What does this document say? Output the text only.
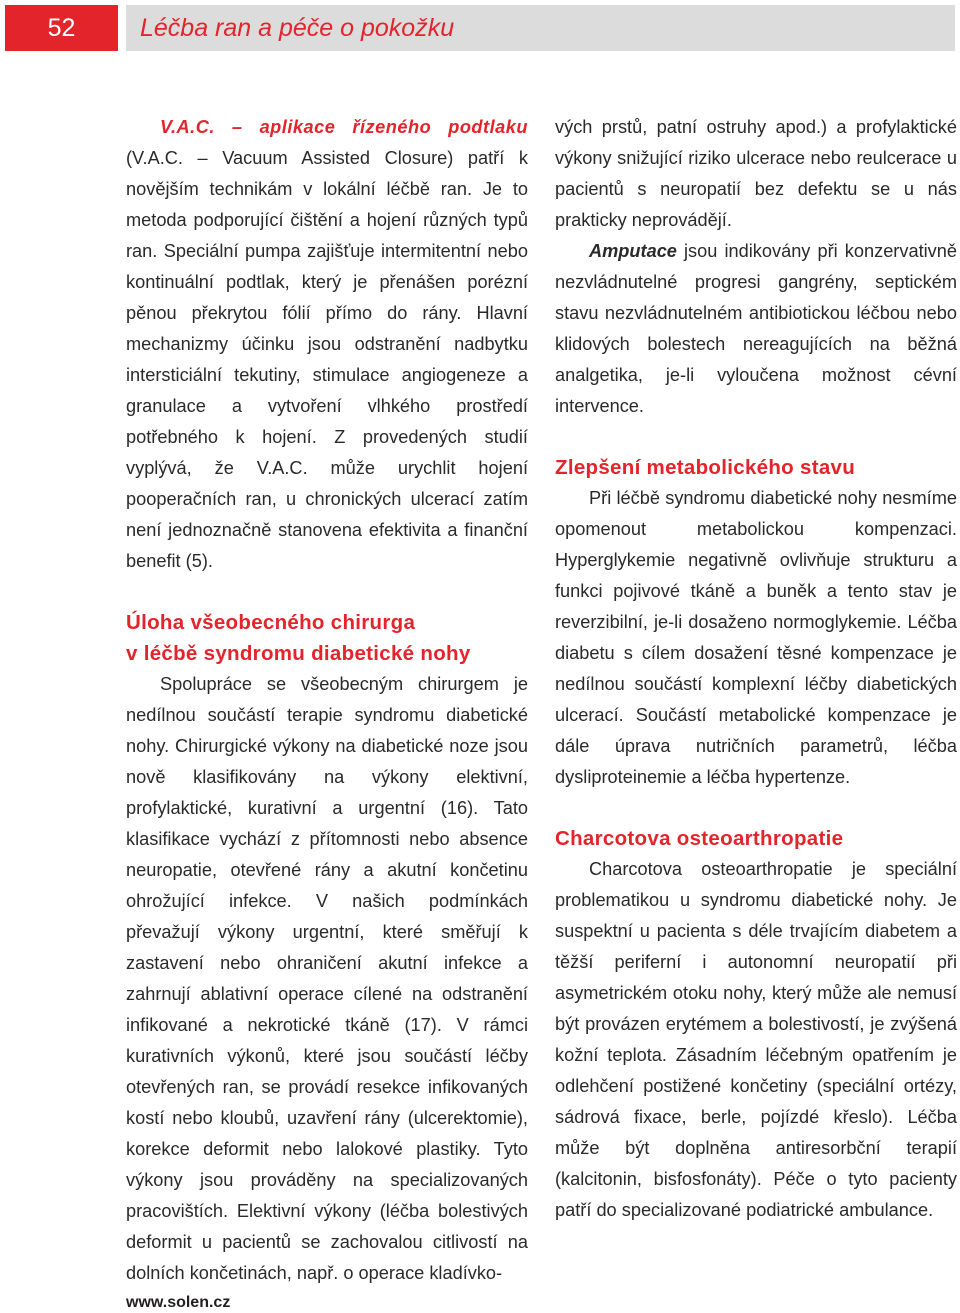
52	Léčba ran a péče o pokožku

V.A.C. – aplikace řízeného podtlaku (V.A.C. – Vacuum Assisted Closure) patří k novějším technikám v lokální léčbě ran. Je to metoda podporující čištění a hojení různých typů ran. Speciální pumpa zajišťuje intermitentní nebo kontinuální podtlak, který je přenášen porézní pěnou překrytou fólií přímo do rány. Hlavní mechanizmy účinku jsou odstranění nadbytku intersticiální tekutiny, stimulace angiogeneze a granulace a vytvoření vlhkého prostředí potřebného k hojení. Z provedených studií vyplývá, že V.A.C. může urychlit hojení pooperačních ran, u chronických ulcerací zatím není jednoznačně stanovena efektivita a finanční benefit (5).

Úloha všeobecného chirurga
v léčbě syndromu diabetické nohy

Spolupráce se všeobecným chirurgem je nedílnou součástí terapie syndromu diabetické nohy. Chirurgické výkony na diabetické noze jsou nově klasifikovány na výkony elektivní, profylaktické, kurativní a urgentní (16). Tato klasifikace vychází z přítomnosti nebo absence neuropatie, otevřené rány a akutní končetinu ohrožující infekce. V našich podmínkách převažují výkony urgentní, které směřují k zastavení nebo ohraničení akutní infekce a zahrnují ablativní operace cílené na odstranění infikované a nekrotické tkáně (17). V rámci kurativních výkonů, které jsou součástí léčby otevřených ran, se provádí resekce infikovaných kostí nebo kloubů, uzavření rány (ulcerektomie), korekce deformit nebo lalokové plastiky. Tyto výkony jsou prováděny na specializovaných pracovištích. Elektivní výkony (léčba bolestivých deformit u pacientů se zachovalou citlivostí na dolních končetinách, např. o operace kladívko-

vých prstů, patní ostruhy apod.) a profylaktické výkony snižující riziko ulcerace nebo reulcerace u pacientů s neuropatií bez defektu se u nás prakticky neprovádějí.

Amputace jsou indikovány při konzervativně nezvládnutelné progresi gangrény, septickém stavu nezvládnutelném antibiotickou léčbou nebo klidových bolestech nereagujících na běžná analgetika, je-li vyloučena možnost cévní intervence.

Zlepšení metabolického stavu

Při léčbě syndromu diabetické nohy nesmíme opomenout metabolickou kompenzaci. Hyperglykemie negativně ovlivňuje strukturu a funkci pojivové tkáně a buněk a tento stav je reverzibilní, je-li dosaženo normoglykemie. Léčba diabetu s cílem dosažení těsné kompenzace je nedílnou součástí komplexní léčby diabetických ulcerací. Součástí metabolické kompenzace je dále úprava nutričních parametrů, léčba dysliproteinemie a léčba hypertenze.

Charcotova osteoarthropatie

Charcotova osteoarthropatie je speciální problematikou u syndromu diabetické nohy. Je suspektní u pacienta s déle trvajícím diabetem a těžší periferní i autonomní neuropatií při asymetrickém otoku nohy, který může ale nemusí být provázen erytémem a bolestivostí, je zvýšená kožní teplota. Zásadním léčebným opatřením je odlehčení postižené končetiny (speciální ortézy, sádrová fixace, berle, pojízdé křeslo). Léčba může být doplněna antiresorbční terapií (kalcitonin, bisfosfonáty). Péče o tyto pacienty patří do specializované podiatrické ambulance.

www.solen.cz
